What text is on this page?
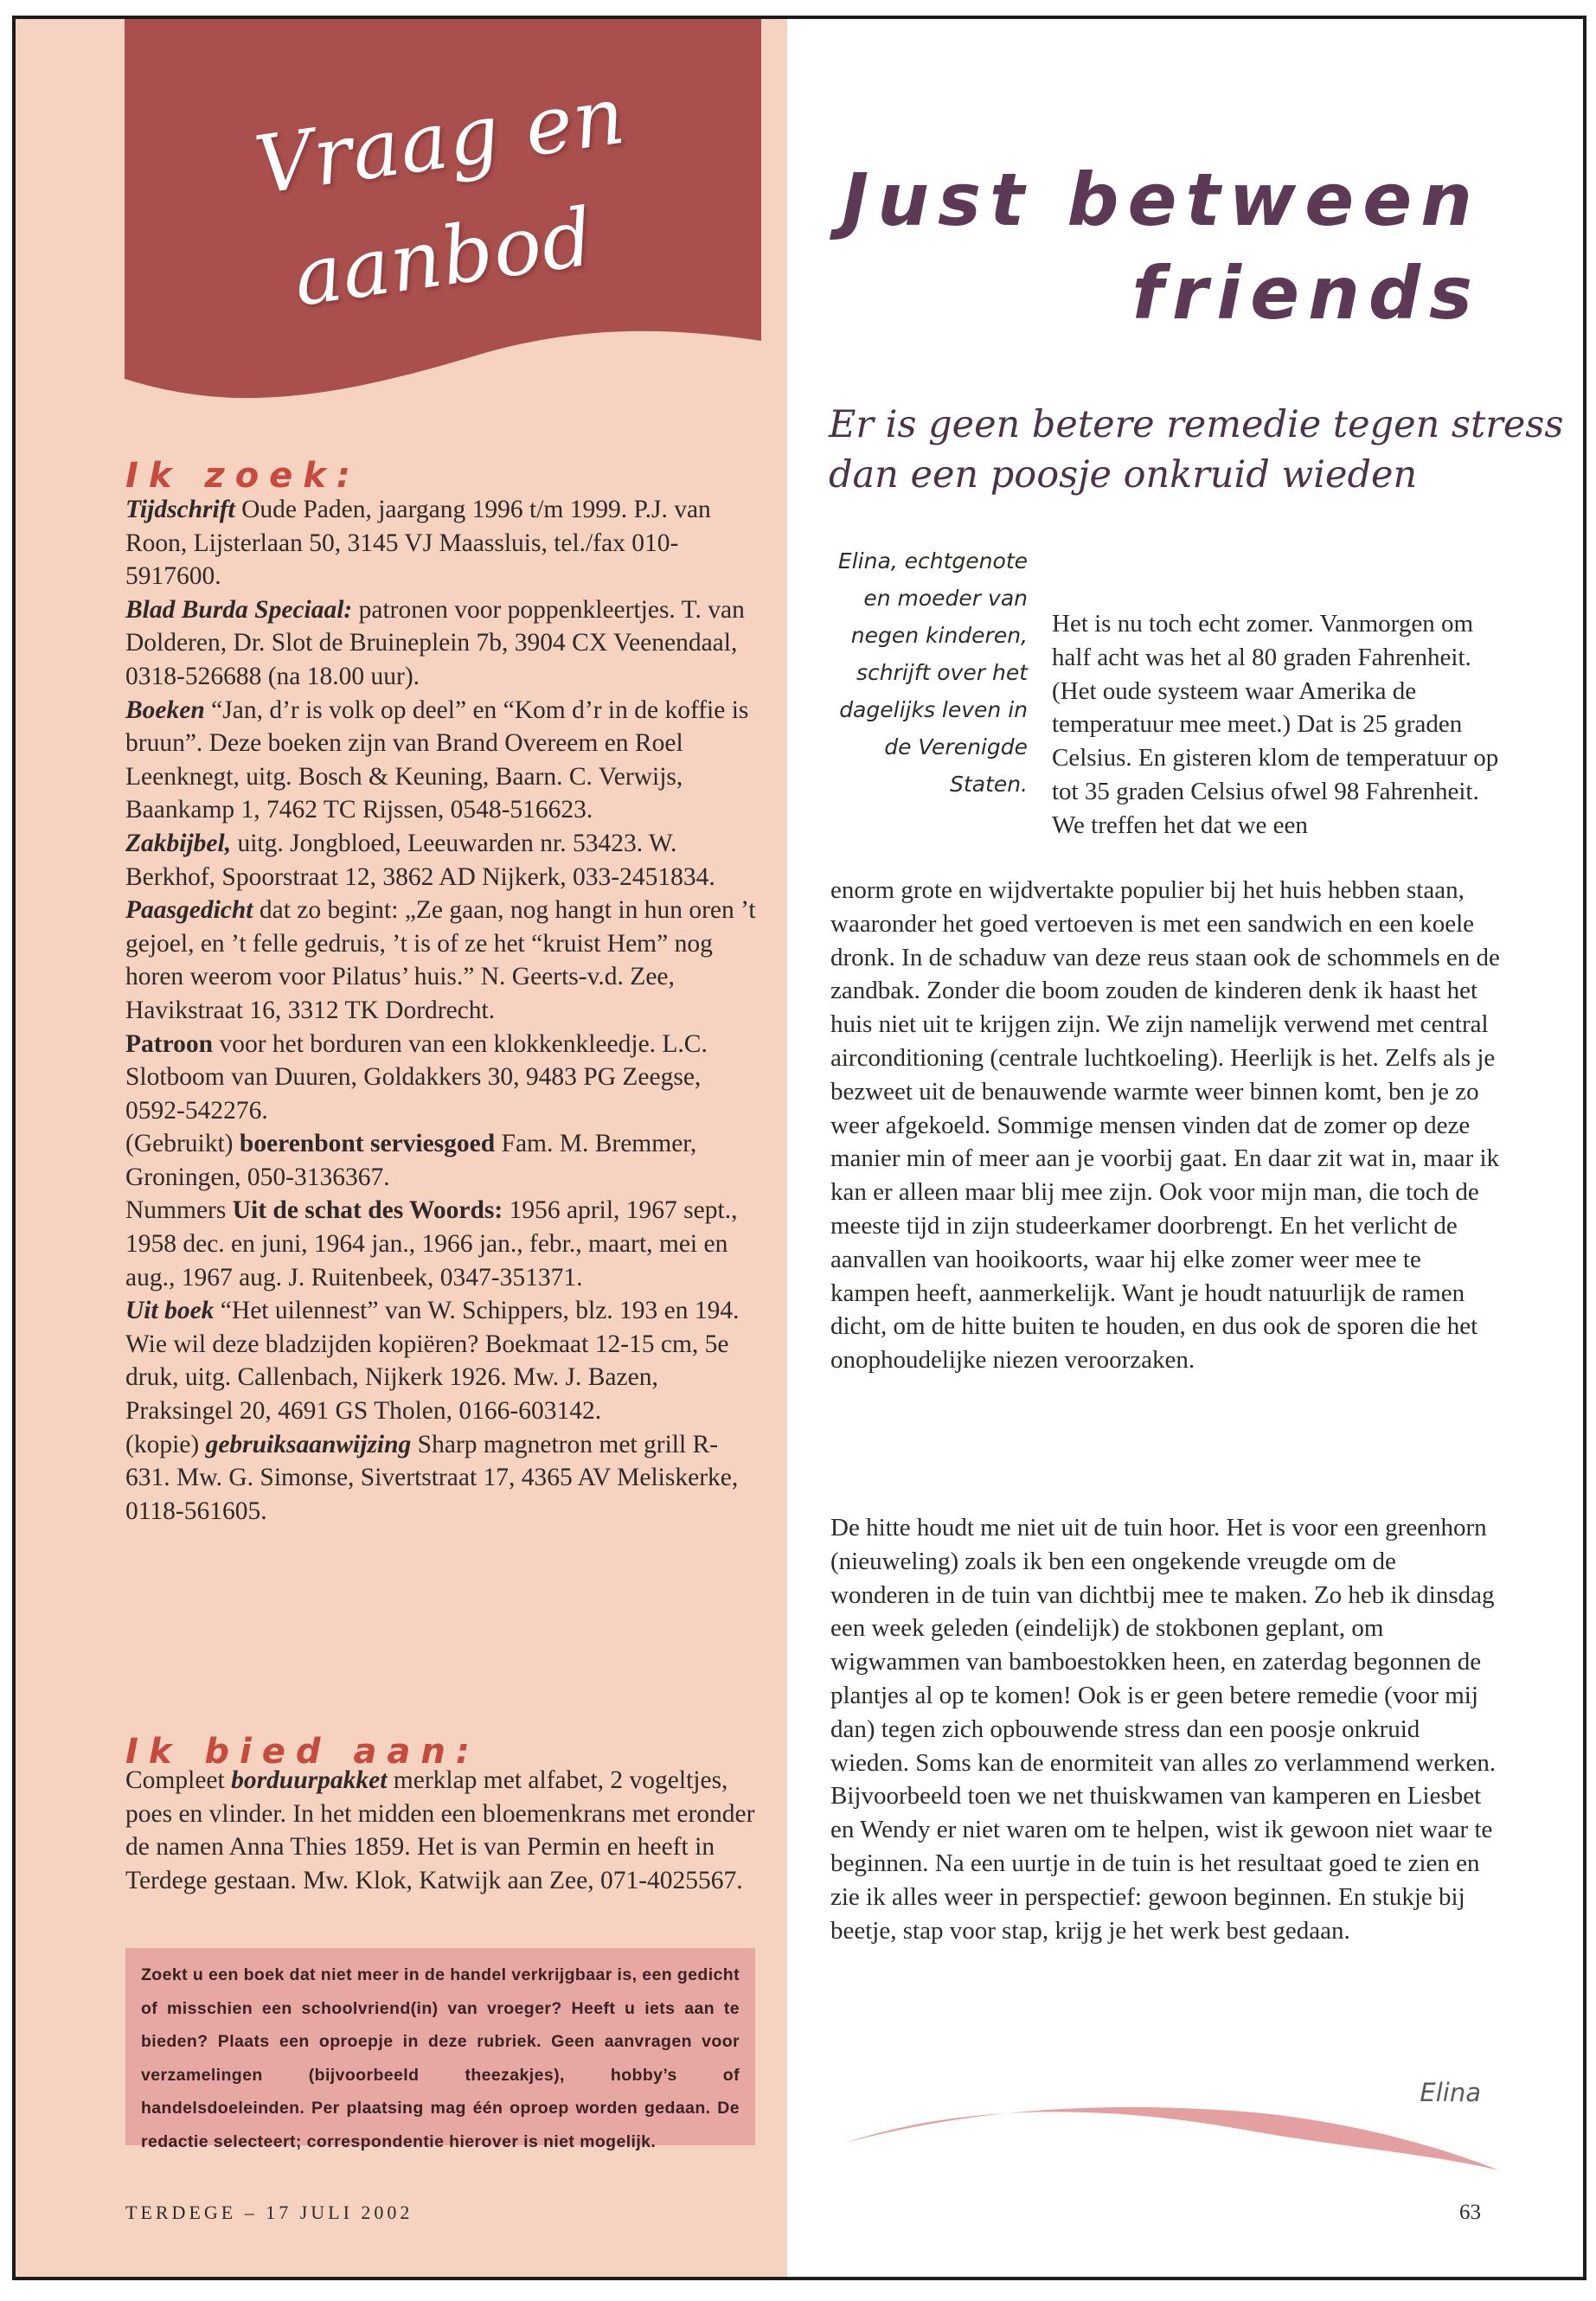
Vraag en
aanbod
Ik zoek:

Tijdschrift Oude Paden, jaargang 1996 t/m 1999. P.J. van Roon, Lijsterlaan 50, 3145 VJ Maassluis, tel./fax 010-5917600.

Blad Burda Speciaal: patronen voor poppenkleertjes. T. van Dolderen, Dr. Slot de Bruineplein 7b, 3904 CX Veenendaal, 0318-526688 (na 18.00 uur).

Boeken “Jan, d’r is volk op deel” en “Kom d’r in de koffie is bruun”. Deze boeken zijn van Brand Overeem en Roel Leenknegt, uitg. Bosch & Keuning, Baarn. C. Verwijs, Baankamp 1, 7462 TC Rijssen, 0548-516623.

Zakbijbel, uitg. Jongbloed, Leeuwarden nr. 53423. W. Berkhof, Spoorstraat 12, 3862 AD Nijkerk, 033-2451834.

Paasgedicht dat zo begint: „Ze gaan, nog hangt in hun oren ’t gejoel, en ’t felle gedruis, ’t is of ze het “kruist Hem” nog horen weerom voor Pilatus’ huis.” N. Geerts-v.d. Zee, Havikstraat 16, 3312 TK Dordrecht.

Patroon voor het borduren van een klokkenkleedje. L.C. Slotboom van Duuren, Goldakkers 30, 9483 PG Zeegse, 0592-542276.

(Gebruikt) boerenbont serviesgoed Fam. M. Bremmer, Groningen, 050-3136367.

Nummers Uit de schat des Woords: 1956 april, 1967 sept., 1958 dec. en juni, 1964 jan., 1966 jan., febr., maart, mei en aug., 1967 aug. J. Ruitenbeek, 0347-351371.

Uit boek “Het uilennest” van W. Schippers, blz. 193 en 194. Wie wil deze bladzijden kopiëren? Boekmaat 12-15 cm, 5e druk, uitg. Callenbach, Nijkerk 1926. Mw. J. Bazen, Praksingel 20, 4691 GS Tholen, 0166-603142.

(kopie) gebruiksaanwijzing Sharp magnetron met grill R-631. Mw. G. Simonse, Sivertstraat 17, 4365 AV Meliskerke, 0118-561605.

Ik bied aan:

Compleet borduurpakket merklap met alfabet, 2 vogeltjes, poes en vlinder. In het midden een bloemenkrans met eronder de namen Anna Thies 1859. Het is van Permin en heeft in Terdege gestaan. Mw. Klok, Katwijk aan Zee, 071-4025567.

Zoekt u een boek dat niet meer in de handel verkrijgbaar is, een gedicht of misschien een schoolvriend(in) van vroeger? Heeft u iets aan te bieden? Plaats een oproepje in deze rubriek. Geen aanvragen voor verzamelingen (bijvoorbeeld theezakjes), hobby’s of handelsdoeleinden. Per plaatsing mag één oproep worden gedaan. De redactie selecteert; correspondentie hierover is niet mogelijk.
TERDEGE – 17 JULI 2002
Just between
friends
Er is geen betere remedie tegen stress dan een poosje onkruid wieden
Elina, echtgenote en moeder van negen kinderen, schrijft over het dagelijks leven in de Verenigde Staten.

Het is nu toch echt zomer. Vanmorgen om half acht was het al 80 graden Fahrenheit. (Het oude systeem waar Amerika de temperatuur mee meet.) Dat is 25 graden Celsius. En gisteren klom de temperatuur op tot 35 graden Celsius ofwel 98 Fahrenheit. We treffen het dat we een

enorm grote en wijdvertakte populier bij het huis hebben staan, waaronder het goed vertoeven is met een sandwich en een koele dronk. In de schaduw van deze reus staan ook de schommels en de zandbak. Zonder die boom zouden de kinderen denk ik haast het huis niet uit te krijgen zijn. We zijn namelijk verwend met central airconditioning (centrale luchtkoeling). Heerlijk is het. Zelfs als je bezweet uit de benauwende warmte weer binnen komt, ben je zo weer afgekoeld. Sommige mensen vinden dat de zomer op deze manier min of meer aan je voorbij gaat. En daar zit wat in, maar ik kan er alleen maar blij mee zijn. Ook voor mijn man, die toch de meeste tijd in zijn studeerkamer doorbrengt. En het verlicht de aanvallen van hooikoorts, waar hij elke zomer weer mee te kampen heeft, aanmerkelijk. Want je houdt natuurlijk de ramen dicht, om de hitte buiten te houden, en dus ook de sporen die het onophoudelijke niezen veroorzaken.

De hitte houdt me niet uit de tuin hoor. Het is voor een greenhorn (nieuweling) zoals ik ben een ongekende vreugde om de wonderen in de tuin van dichtbij mee te maken. Zo heb ik dinsdag een week geleden (eindelijk) de stokbonen geplant, om wigwammen van bamboestokken heen, en zaterdag begonnen de plantjes al op te komen! Ook is er geen betere remedie (voor mij dan) tegen zich opbouwende stress dan een poosje onkruid wieden. Soms kan de enormiteit van alles zo verlammend werken. Bijvoorbeeld toen we net thuiskwamen van kamperen en Liesbet en Wendy er niet waren om te helpen, wist ik gewoon niet waar te beginnen. Na een uurtje in de tuin is het resultaat goed te zien en zie ik alles weer in perspectief: gewoon beginnen. En stukje bij beetje, stap voor stap, krijg je het werk best gedaan.

Elina
63
